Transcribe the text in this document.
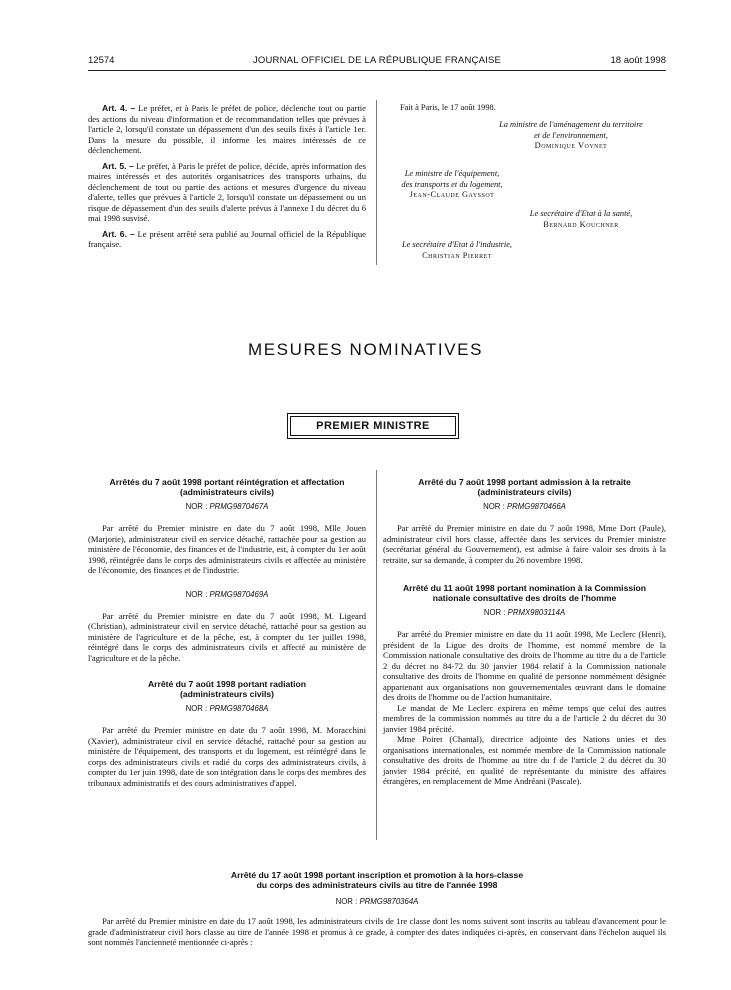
12574	JOURNAL OFFICIEL DE LA RÉPUBLIQUE FRANÇAISE	18 août 1998

Art. 4. – Le préfet, et à Paris le préfet de police, déclenche tout ou partie des actions du niveau d'information et de recommandation telles que prévues à l'article 2, lorsqu'il constate un dépassement d'un des seuils fixés à l'article 1er. Dans la mesure du possible, il informe les maires intéressés de ce déclenchement.

Art. 5. – Le préfet, à Paris le préfet de police, décide, après information des maires intéressés et des autorités organisatrices des transports urbains, du déclenchement de tout ou partie des actions et mesures d'urgence du niveau d'alerte, telles que prévues à l'article 2, lorsqu'il constate un dépassement ou un risque de dépassement d'un des seuils d'alerte prévus à l'annexe I du décret du 6 mai 1998 susvisé.

Art. 6. – Le présent arrêté sera publié au Journal officiel de la République française.

Fait à Paris, le 17 août 1998.

La ministre de l'aménagement du territoire

et de l'environnement,

Dominique Voynet

Le ministre de l'équipement,

des transports et du logement,

Jean-Claude Gayssot

Le secrétaire d'Etat à la santé,

Bernard Kouchner

Le secrétaire d'Etat à l'industrie,

Christian Pierret

MESURES NOMINATIVES
PREMIER MINISTRE

Arrêtés du 7 août 1998 portant réintégration et affectation (administrateurs civils)

NOR : PRMG9870467A

Par arrêté du Premier ministre en date du 7 août 1998, Mlle Jouen (Marjorie), administrateur civil en service détaché, rattachée pour sa gestion au ministère de l'économie, des finances et de l'industrie, est, à compter du 1er août 1998, réintégrée dans le corps des administrateurs civils et affectée au ministère de l'économie, des finances et de l'industrie.

NOR : PRMG9870469A

Par arrêté du Premier ministre en date du 7 août 1998, M. Ligeard (Christian), administrateur civil en service détaché, rattaché pour sa gestion au ministère de l'agriculture et de la pêche, est, à compter du 1er juillet 1998, réintégré dans le corps des administrateurs civils et affecté au ministère de l'agriculture et de la pêche.

Arrêté du 7 août 1998 portant radiation (administrateurs civils)

NOR : PRMG9870468A

Par arrêté du Premier ministre en date du 7 août 1998, M. Moracchini (Xavier), administrateur civil en service détaché, rattaché pour sa gestion au ministère de l'équipement, des transports et du logement, est réintégré dans le corps des administrateurs civils et radié du corps des administrateurs civils, à compter du 1er juin 1998, date de son intégration dans le corps des membres des tribunaux administratifs et des cours administratives d'appel.

Arrêté du 7 août 1998 portant admission à la retraite (administrateurs civils)

NOR : PRMG9870466A

Par arrêté du Premier ministre en date du 7 août 1998, Mme Dort (Paule), administrateur civil hors classe, affectée dans les services du Premier ministre (secrétariat général du Gouvernement), est admise à faire valoir ses droits à la retraite, sur sa demande, à compter du 26 novembre 1998.

Arrêté du 11 août 1998 portant nomination à la Commission nationale consultative des droits de l'homme

NOR : PRMX9803114A

Par arrêté du Premier ministre en date du 11 août 1998, Me Leclerc (Henri), président de la Ligue des droits de l'homme, est nommé membre de la Commission nationale consultative des droits de l'homme au titre du a de l'article 2 du décret no 84-72 du 30 janvier 1984 relatif à la Commission nationale consultative des droits de l'homme en qualité de personne nommément désignée appartenant aux organisations non gouvernementales œuvrant dans le domaine des droits de l'homme ou de l'action humanitaire.

Le mandat de Me Leclerc expirera en même temps que celui des autres membres de la commission nommés au titre du a de l'article 2 du décret du 30 janvier 1984 précité.

Mme Poiret (Chantal), directrice adjointe des Nations unies et des organisations internationales, est nommée membre de la Commission nationale consultative des droits de l'homme au titre du f de l'article 2 du décret du 30 janvier 1984 précité, en qualité de représentante du ministre des affaires étrangères, en remplacement de Mme Andréani (Pascale).

Arrêté du 17 août 1998 portant inscription et promotion à la hors-classe

du corps des administrateurs civils au titre de l'année 1998

NOR : PRMG9870364A

Par arrêté du Premier ministre en date du 17 août 1998, les administrateurs civils de 1re classe dont les noms suivent sont inscrits au tableau d'avancement pour le grade d'administrateur civil hors classe au titre de l'année 1998 et promus à ce grade, à compter des dates indiquées ci-après, en conservant dans l'échelon auquel ils sont nommés l'ancienneté mentionnée ci-après :
